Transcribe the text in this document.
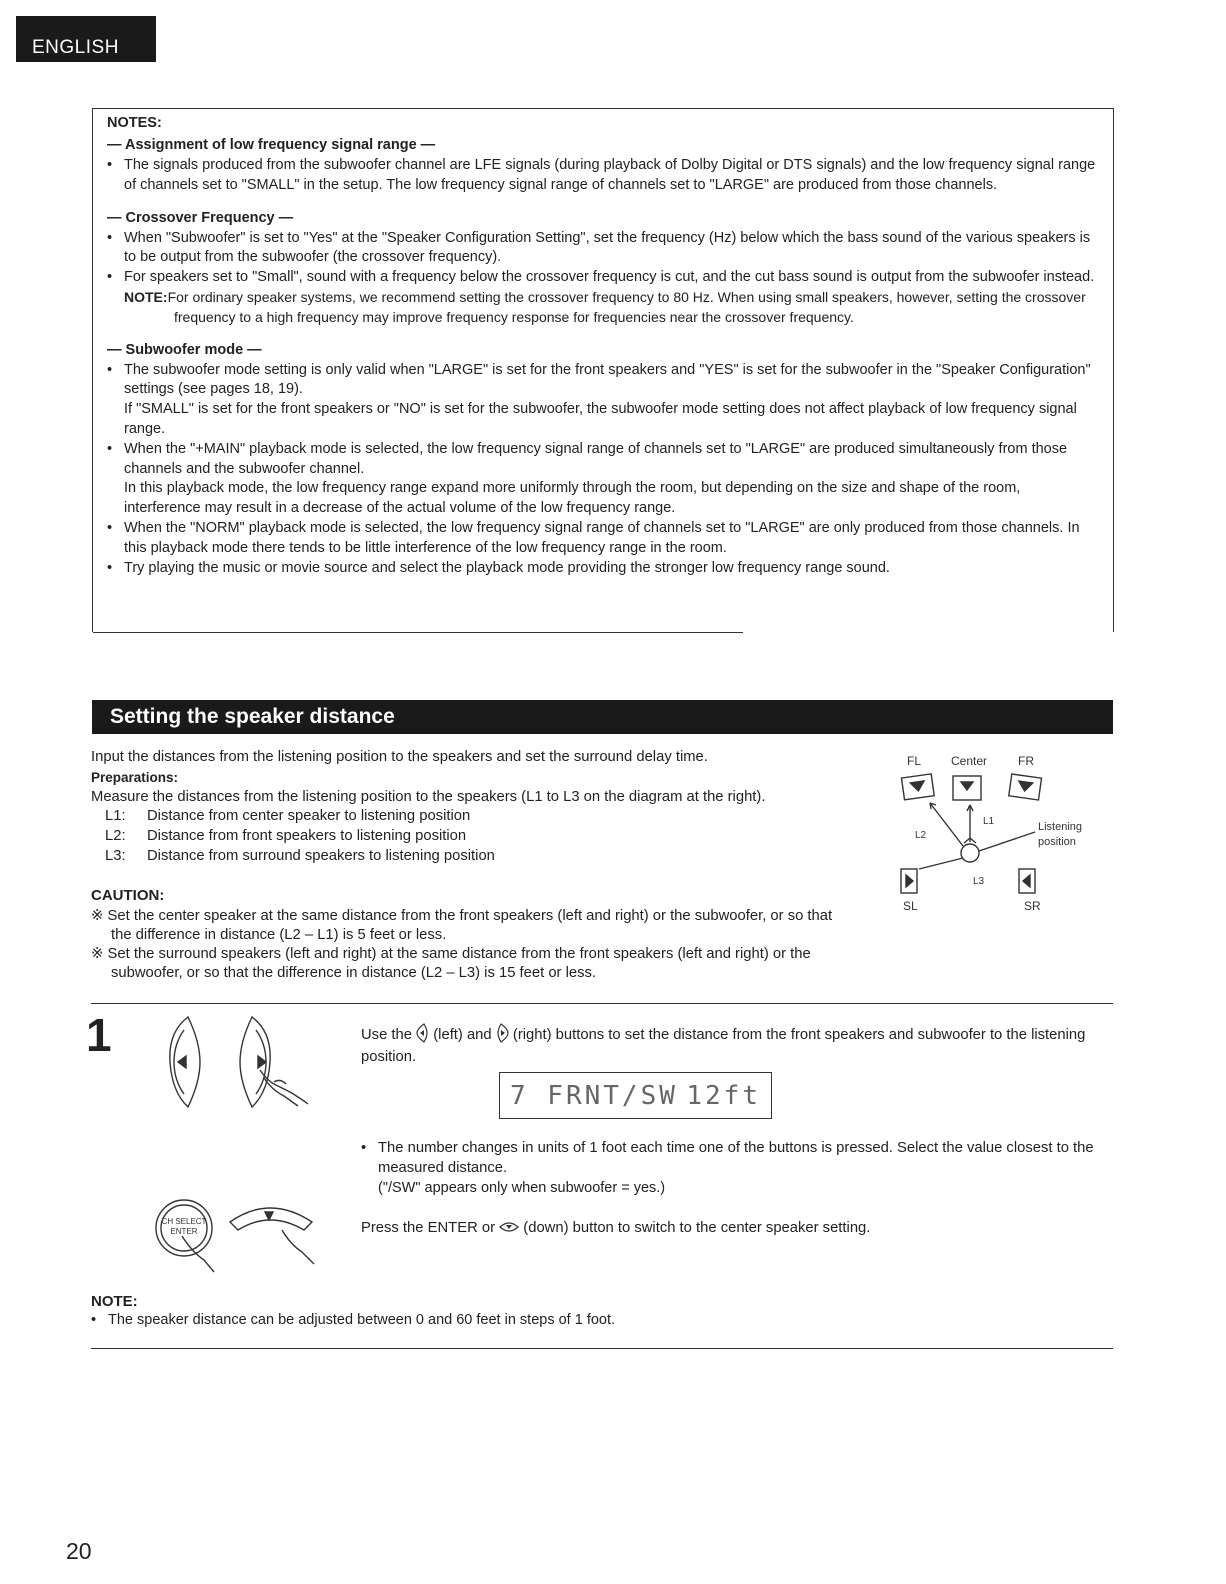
ENGLISH
NOTES:

— Assignment of low frequency signal range —

• The signals produced from the subwoofer channel are LFE signals (during playback of Dolby Digital or DTS signals) and the low frequency signal range of channels set to "SMALL" in the setup. The low frequency signal range of channels set to "LARGE" are produced from those channels.

— Crossover Frequency —

• When "Subwoofer" is set to "Yes" at the "Speaker Configuration Setting", set the frequency (Hz) below which the bass sound of the various speakers is to be output from the subwoofer (the crossover frequency).

• For speakers set to "Small", sound with a frequency below the crossover frequency is cut, and the cut bass sound is output from the subwoofer instead.

NOTE:For ordinary speaker systems, we recommend setting the crossover frequency to 80 Hz. When using small speakers, however, setting the crossover frequency to a high frequency may improve frequency response for frequencies near the crossover frequency.

— Subwoofer mode —

• The subwoofer mode setting is only valid when "LARGE" is set for the front speakers and "YES" is set for the subwoofer in the "Speaker Configuration" settings (see pages 18, 19).

If "SMALL" is set for the front speakers or "NO" is set for the subwoofer, the subwoofer mode setting does not affect playback of low frequency signal range.

• When the "+MAIN" playback mode is selected, the low frequency signal range of channels set to "LARGE" are produced simultaneously from those channels and the subwoofer channel.

In this playback mode, the low frequency range expand more uniformly through the room, but depending on the size and shape of the room, interference may result in a decrease of the actual volume of the low frequency range.

• When the "NORM" playback mode is selected, the low frequency signal range of channels set to "LARGE" are only produced from those channels. In this playback mode there tends to be little interference of the low frequency range in the room.

• Try playing the music or movie source and select the playback mode providing the stronger low frequency range sound.

Setting the speaker distance

Input the distances from the listening position to the speakers and set the surround delay time.

Preparations:

Measure the distances from the listening position to the speakers (L1 to L3 on the diagram at the right).

L1:	Distance from center speaker to listening position
L2:	Distance from front speakers to listening position
L3:	Distance from surround speakers to listening position
CAUTION:

※ Set the center speaker at the same distance from the front speakers (left and right) or the subwoofer, or so that the difference in distance (L2 – L1) is 5 feet or less.

※ Set the surround speakers (left and right) at the same distance from the front speakers (left and right) or the subwoofer, or so that the difference in distance (L2 – L3) is 15 feet or less.

FL Center	FR
SL	SR
L1
L2
L3
Listening
position
1	Use the (left) and (right) buttons to set the distance from the front speakers and subwoofer to the listening position.

7 FRNT/SW 12ft

• The number changes in units of 1 foot each time one of the buttons is pressed. Select the value closest to the measured distance.

("/SW" appears only when subwoofer = yes.)

CH SELECT
ENTER	Press the ENTER or (down) button to switch to the center speaker setting.
NOTE:

• The speaker distance can be adjusted between 0 and 60 feet in steps of 1 foot.

20
